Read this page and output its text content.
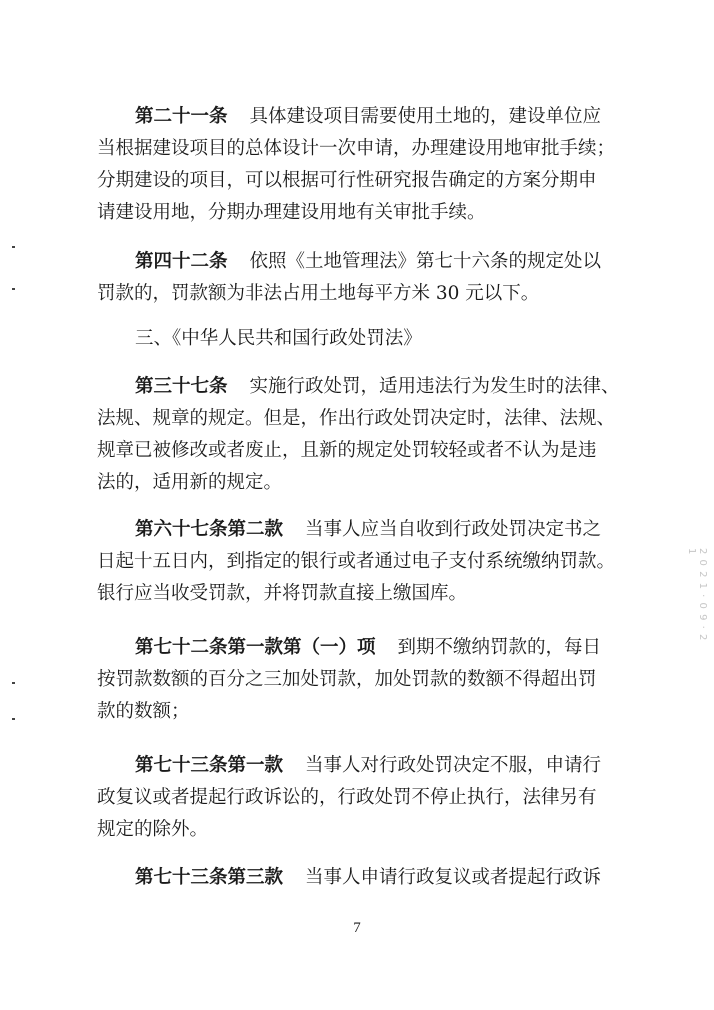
第二十一条 具体建设项目需要使用土地的，建设单位应
当根据建设项目的总体设计一次申请，办理建设用地审批手续；
分期建设的项目，可以根据可行性研究报告确定的方案分期申
请建设用地，分期办理建设用地有关审批手续。

第四十二条 依照《土地管理法》第七十六条的规定处以
罚款的，罚款额为非法占用土地每平方米 30 元以下。

三、《中华人民共和国行政处罚法》

第三十七条 实施行政处罚，适用违法行为发生时的法律、
法规、规章的规定。但是，作出行政处罚决定时，法律、法规、
规章已被修改或者废止，且新的规定处罚较轻或者不认为是违
法的，适用新的规定。

第六十七条第二款 当事人应当自收到行政处罚决定书之
日起十五日内，到指定的银行或者通过电子支付系统缴纳罚款。
银行应当收受罚款，并将罚款直接上缴国库。

第七十二条第一款第（一）项 到期不缴纳罚款的，每日
按罚款数额的百分之三加处罚款，加处罚款的数额不得超出罚
款的数额；

第七十三条第一款 当事人对行政处罚决定不服，申请行
政复议或者提起行政诉讼的，行政处罚不停止执行，法律另有
规定的除外。

第七十三条第三款 当事人申请行政复议或者提起行政诉

7
2 0 2 1 · 0 9 · 2 1
